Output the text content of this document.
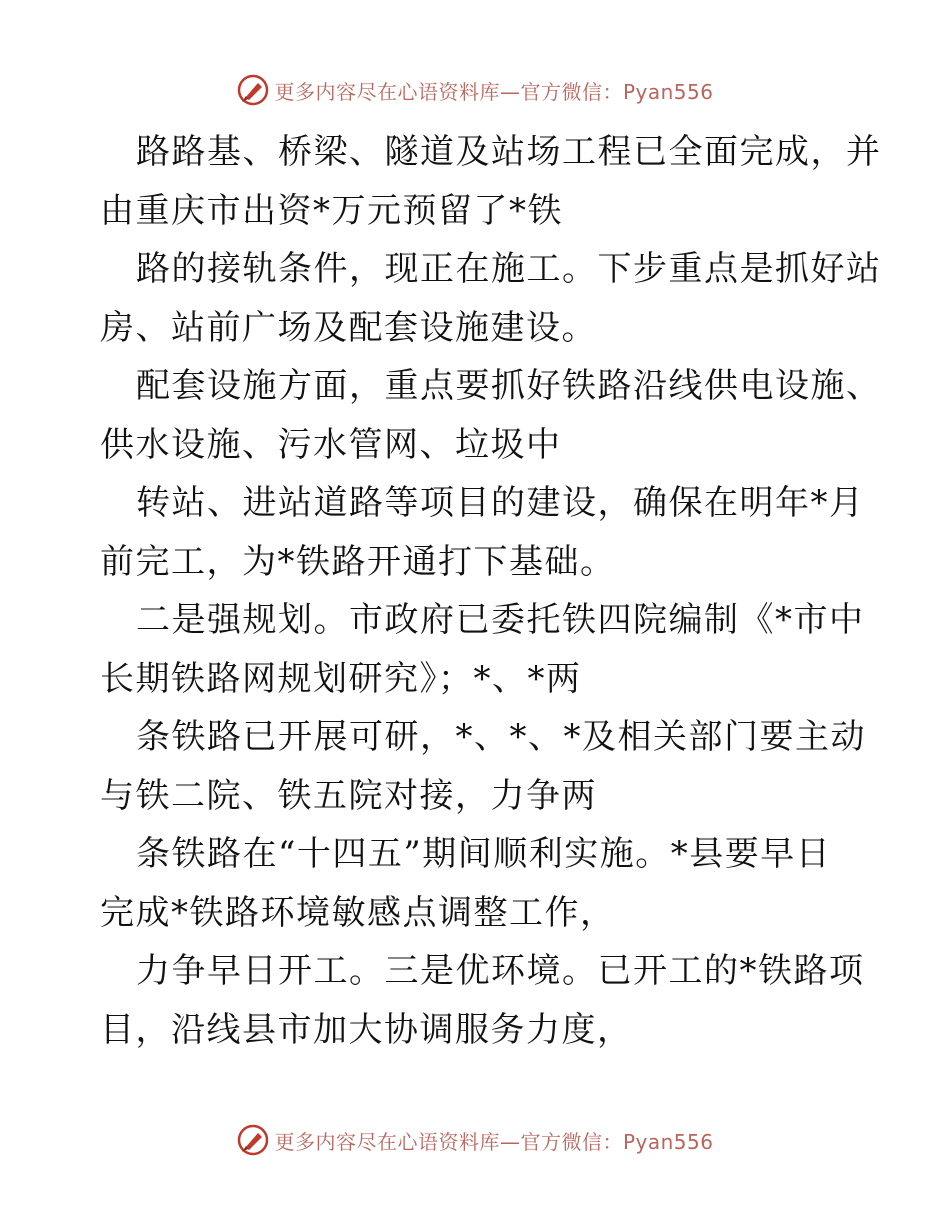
更多内容尽在心语资料库—官方微信：Pyan556

路路基、桥梁、隧道及站场工程已全面完成，并
由重庆市出资*万元预留了*铁

路的接轨条件，现正在施工。下步重点是抓好站
房、站前广场及配套设施建设。

配套设施方面，重点要抓好铁路沿线供电设施、
供水设施、污水管网、垃圾中

转站、进站道路等项目的建设，确保在明年*月
前完工，为*铁路开通打下基础。

二是强规划。市政府已委托铁四院编制《*市中
长期铁路网规划研究》；*、*两

条铁路已开展可研，*、*、*及相关部门要主动
与铁二院、铁五院对接，力争两

条铁路在“十四五”期间顺利实施。*县要早日
完成*铁路环境敏感点调整工作，

力争早日开工。三是优环境。已开工的*铁路项
目，沿线县市加大协调服务力度，

更多内容尽在心语资料库—官方微信：Pyan556
